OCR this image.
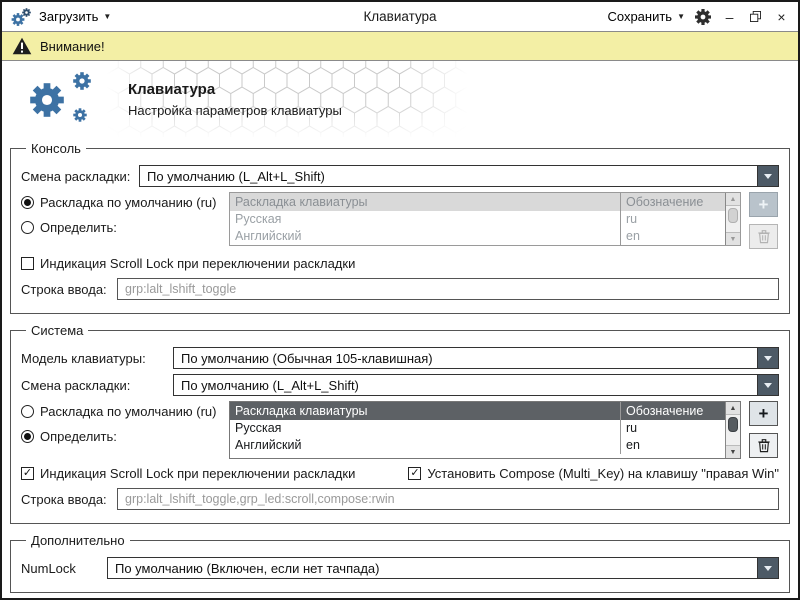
Загрузить ▼	Клавиатура	Сохранить ▼	–	×
Внимание!
Клавиатура
Настройка параметров клавиатуры
Консоль
Смена раскладки:	По умолчанию (L_Alt+L_Shift)
Раскладка по умолчанию (ru)
Определить:
Раскладка клавиатуры	Обозначение
Русская	ru
Английский	en
▲
▼
+
Индикация Scroll Lock при переключении раскладки
Строка ввода:
grp:lalt_lshift_toggle
Система
Модель клавиатуры:	По умолчанию (Обычная 105-клавишная)
Смена раскладки:	По умолчанию (L_Alt+L_Shift)
Раскладка по умолчанию (ru)
Определить:
Раскладка клавиатуры	Обозначение
Русская	ru
Английский	en
▲
▼
+
✓ Индикация Scroll Lock при переключении раскладки	✓ Установить Compose (Multi_Key) на клавишу "правая Win"
Строка ввода:
grp:lalt_lshift_toggle,grp_led:scroll,compose:rwin
Дополнительно
NumLock	По умолчанию (Включен, если нет тачпада)
